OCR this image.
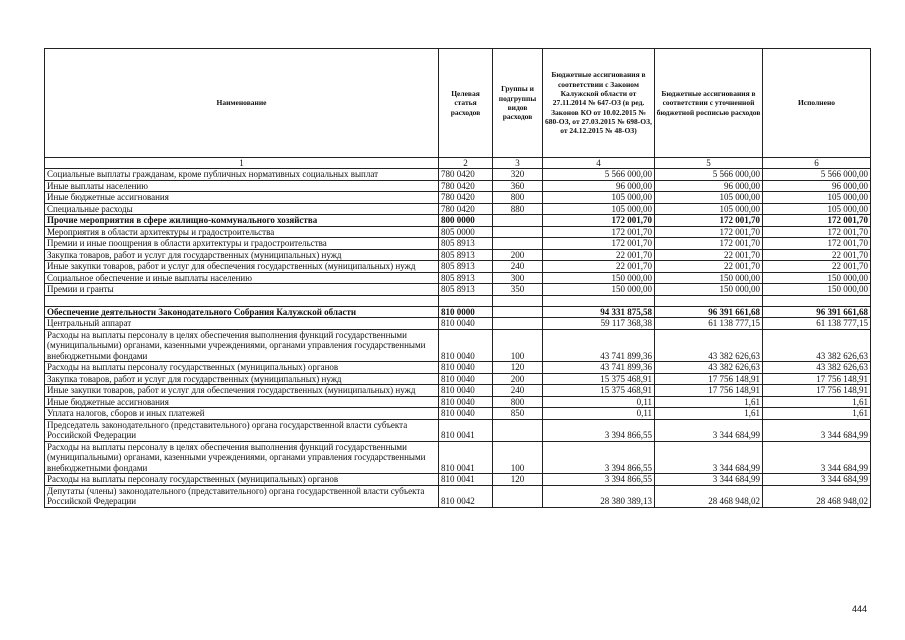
Наименование	Целевая статья расходов	Группы и подгруппы видов расходов	Бюджетные ассигнования в соответствии с Законом Калужской области от 27.11.2014 № 647-ОЗ (в ред. Законов КО от 10.02.2015 № 680-ОЗ, от 27.03.2015 № 698-ОЗ, от 24.12.2015 № 48-ОЗ)	Бюджетные ассигнования в соответствии с уточненной бюджетной росписью расходов	Исполнено
1	2	3	4	5	6
Социальные выплаты гражданам, кроме публичных нормативных социальных выплат	780 0420	320	5 566 000,00	5 566 000,00	5 566 000,00
Иные выплаты населению	780 0420	360	96 000,00	96 000,00	96 000,00
Иные бюджетные ассигнования	780 0420	800	105 000,00	105 000,00	105 000,00
Специальные расходы	780 0420	880	105 000,00	105 000,00	105 000,00
Прочие мероприятия в сфере жилищно-коммунального хозяйства	800 0000		172 001,70	172 001,70	172 001,70
Мероприятия в области архитектуры и градостроительства	805 0000		172 001,70	172 001,70	172 001,70
Премии и иные поощрения в области архитектуры и градостроительства	805 8913		172 001,70	172 001,70	172 001,70
Закупка товаров, работ и услуг для государственных (муниципальных) нужд	805 8913	200	22 001,70	22 001,70	22 001,70
Иные закупки товаров, работ и услуг для обеспечения государственных (муниципальных) нужд	805 8913	240	22 001,70	22 001,70	22 001,70
Социальное обеспечение и иные выплаты населению	805 8913	300	150 000,00	150 000,00	150 000,00
Премии и гранты	805 8913	350	150 000,00	150 000,00	150 000,00

Обеспечение деятельности Законодательного Собрания Калужской области	810 0000		94 331 875,58	96 391 661,68	96 391 661,68
Центральный аппарат	810 0040		59 117 368,38	61 138 777,15	61 138 777,15
Расходы на выплаты персоналу в целях обеспечения выполнения функций государственными (муниципальными) органами, казенными учреждениями, органами управления государственными внебюджетными фондами	810 0040	100	43 741 899,36	43 382 626,63	43 382 626,63
Расходы на выплаты персоналу государственных (муниципальных) органов	810 0040	120	43 741 899,36	43 382 626,63	43 382 626,63
Закупка товаров, работ и услуг для государственных (муниципальных) нужд	810 0040	200	15 375 468,91	17 756 148,91	17 756 148,91
Иные закупки товаров, работ и услуг для обеспечения государственных (муниципальных) нужд	810 0040	240	15 375 468,91	17 756 148,91	17 756 148,91
Иные бюджетные ассигнования	810 0040	800	0,11	1,61	1,61
Уплата налогов, сборов и иных платежей	810 0040	850	0,11	1,61	1,61
Председатель законодательного (представительного) органа государственной власти субъекта Российской Федерации	810 0041		3 394 866,55	3 344 684,99	3 344 684,99
Расходы на выплаты персоналу в целях обеспечения выполнения функций государственными (муниципальными) органами, казенными учреждениями, органами управления государственными внебюджетными фондами	810 0041	100	3 394 866,55	3 344 684,99	3 344 684,99
Расходы на выплаты персоналу государственных (муниципальных) органов	810 0041	120	3 394 866,55	3 344 684,99	3 344 684,99
Депутаты (члены) законодательного (представительного) органа государственной власти субъекта Российской Федерации	810 0042		28 380 389,13	28 468 948,02	28 468 948,02
444
